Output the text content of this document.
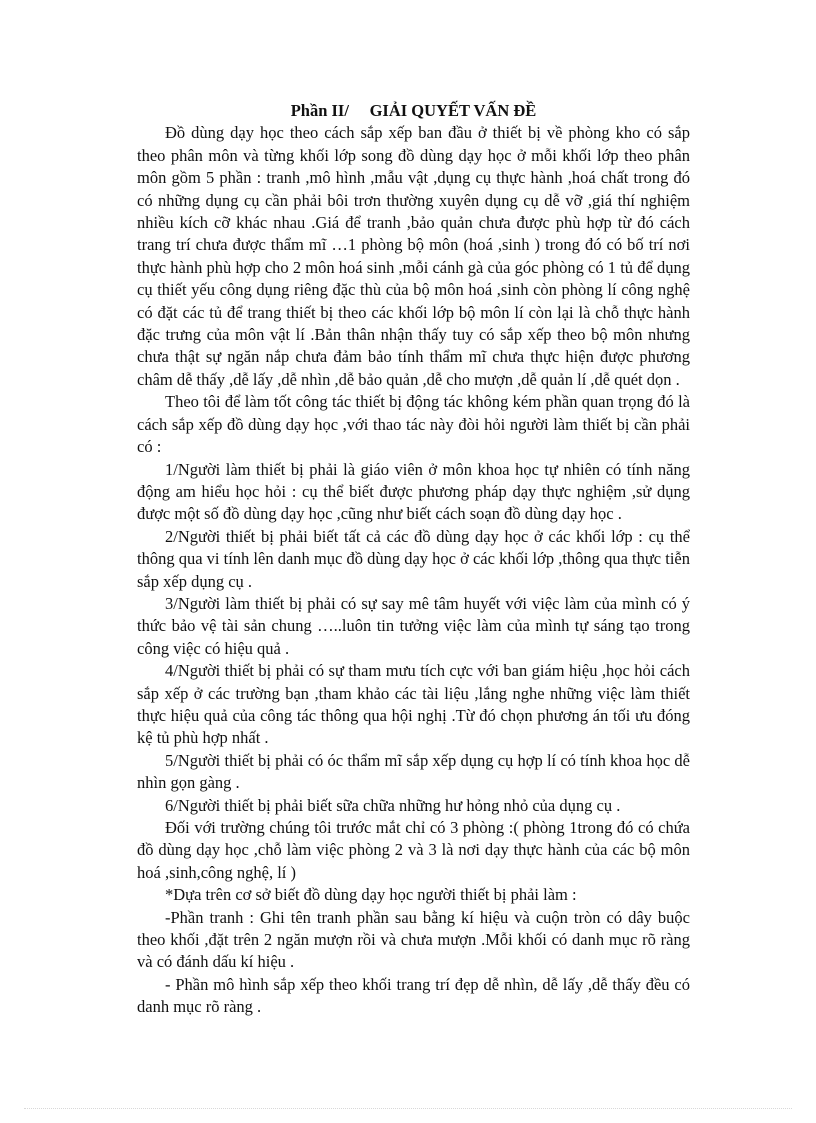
Phần II/ GIẢI QUYẾT VẤN ĐỀ

Đồ dùng dạy học theo cách sắp xếp ban đầu ở thiết bị về phòng kho có sắp theo phân môn và từng khối lớp song đồ dùng dạy học ở mỗi khối lớp theo phân môn gồm 5 phần : tranh ,mô hình ,mẫu vật ,dụng cụ thực hành ,hoá chất trong đó có những dụng cụ cần phải bôi trơn thường xuyên dụng cụ dễ vỡ ,giá thí nghiệm nhiều kích cỡ khác nhau .Giá để tranh ,bảo quản chưa được phù hợp từ đó cách trang trí chưa được thẩm mĩ …1 phòng bộ môn (hoá ,sinh ) trong đó có bố trí nơi thực hành phù hợp cho 2 môn hoá sinh ,mỗi cánh gà của góc phòng có 1 tủ để dụng cụ thiết yếu công dụng riêng đặc thù của bộ môn hoá ,sinh còn phòng lí công nghệ có đặt các tủ để trang thiết bị theo các khối lớp bộ môn lí còn lại là chỗ thực hành đặc trưng của môn vật lí .Bản thân nhận thấy tuy có sắp xếp theo bộ môn nhưng chưa thật sự ngăn nắp chưa đảm bảo tính thẩm mĩ chưa thực hiện được phương châm dễ thấy ,dễ lấy ,dễ nhìn ,dễ bảo quản ,dễ cho mượn ,dễ quản lí ,dễ quét dọn .

Theo tôi để làm tốt công tác thiết bị động tác không kém phần quan trọng đó là cách sắp xếp đồ dùng dạy học ,với thao tác này đòi hỏi người làm thiết bị cần phải có :

1/Người làm thiết bị phải là giáo viên ở môn khoa học tự nhiên có tính năng động am hiểu học hỏi : cụ thể biết được phương pháp dạy thực nghiệm ,sử dụng được một số đồ dùng dạy học ,cũng như biết cách soạn đồ dùng dạy học .

2/Người thiết bị phải biết tất cả các đồ dùng dạy học ở các khối lớp : cụ thể thông qua vi tính lên danh mục đồ dùng dạy học ở các khối lớp ,thông qua thực tiễn sắp xếp dụng cụ .

3/Người làm thiết bị phải có sự say mê tâm huyết với việc làm của mình có ý thức bảo vệ tài sản chung …..luôn tin tưởng việc làm của mình tự sáng tạo trong công việc có hiệu quả .

4/Người thiết bị phải có sự tham mưu tích cực với ban giám hiệu ,học hỏi cách sắp xếp ở các trường bạn ,tham khảo các tài liệu ,lắng nghe những việc làm thiết thực hiệu quả của công tác thông qua hội nghị .Từ đó chọn phương án tối ưu đóng kệ tủ phù hợp nhất .

5/Người thiết bị phải có óc thẩm mĩ sắp xếp dụng cụ hợp lí có tính khoa học dễ nhìn gọn gàng .

6/Người thiết bị phải biết sữa chữa những hư hỏng nhỏ của dụng cụ .

Đối với trường chúng tôi trước mắt chỉ có 3 phòng :( phòng 1trong đó có chứa đồ dùng dạy học ,chỗ làm việc phòng 2 và 3 là nơi dạy thực hành của các bộ môn hoá ,sinh,công nghệ, lí )

*Dựa trên cơ sở biết đồ dùng dạy học người thiết bị phải làm :

-Phần tranh : Ghi tên tranh phần sau bằng kí hiệu và cuộn tròn có dây buộc theo khối ,đặt trên 2 ngăn mượn rồi và chưa mượn .Mỗi khối có danh mục rõ ràng và có đánh dấu kí hiệu .

- Phần mô hình sắp xếp theo khối trang trí đẹp dễ nhìn, dễ lấy ,dễ thấy đều có danh mục rõ ràng .
